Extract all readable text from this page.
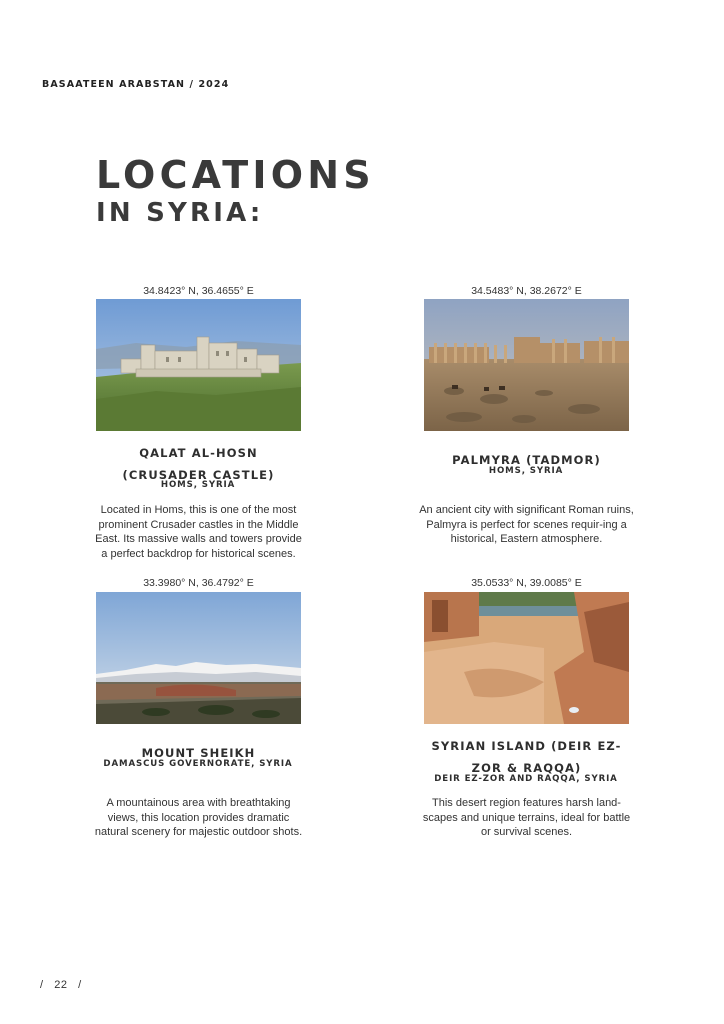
BASAATEEN ARABSTAN / 2024
LOCATIONS
IN SYRIA:
34.8423° N, 36.4655° E
QALAT AL-HOSN (CRUSADER CASTLE)
HOMS, SYRIA
Located in Homs, this is one of the most prominent Crusader castles in the Middle East. Its massive walls and towers provide a perfect backdrop for historical scenes.
34.5483° N, 38.2672° E
PALMYRA (TADMOR)
HOMS, SYRIA
An ancient city with significant Roman ruins, Palmyra is perfect for scenes requir-ing a historical, Eastern atmosphere.
33.3980° N, 36.4792° E
MOUNT SHEIKH
DAMASCUS GOVERNORATE, SYRIA
A mountainous area with breathtaking views, this location provides dramatic natural scenery for majestic outdoor shots.
35.0533° N, 39.0085° E
SYRIAN ISLAND (DEIR EZ-ZOR & RAQQA)
DEIR EZ-ZOR AND RAQQA, SYRIA
This desert region features harsh land-scapes and unique terrains, ideal for battle or survival scenes.
/   22   /
